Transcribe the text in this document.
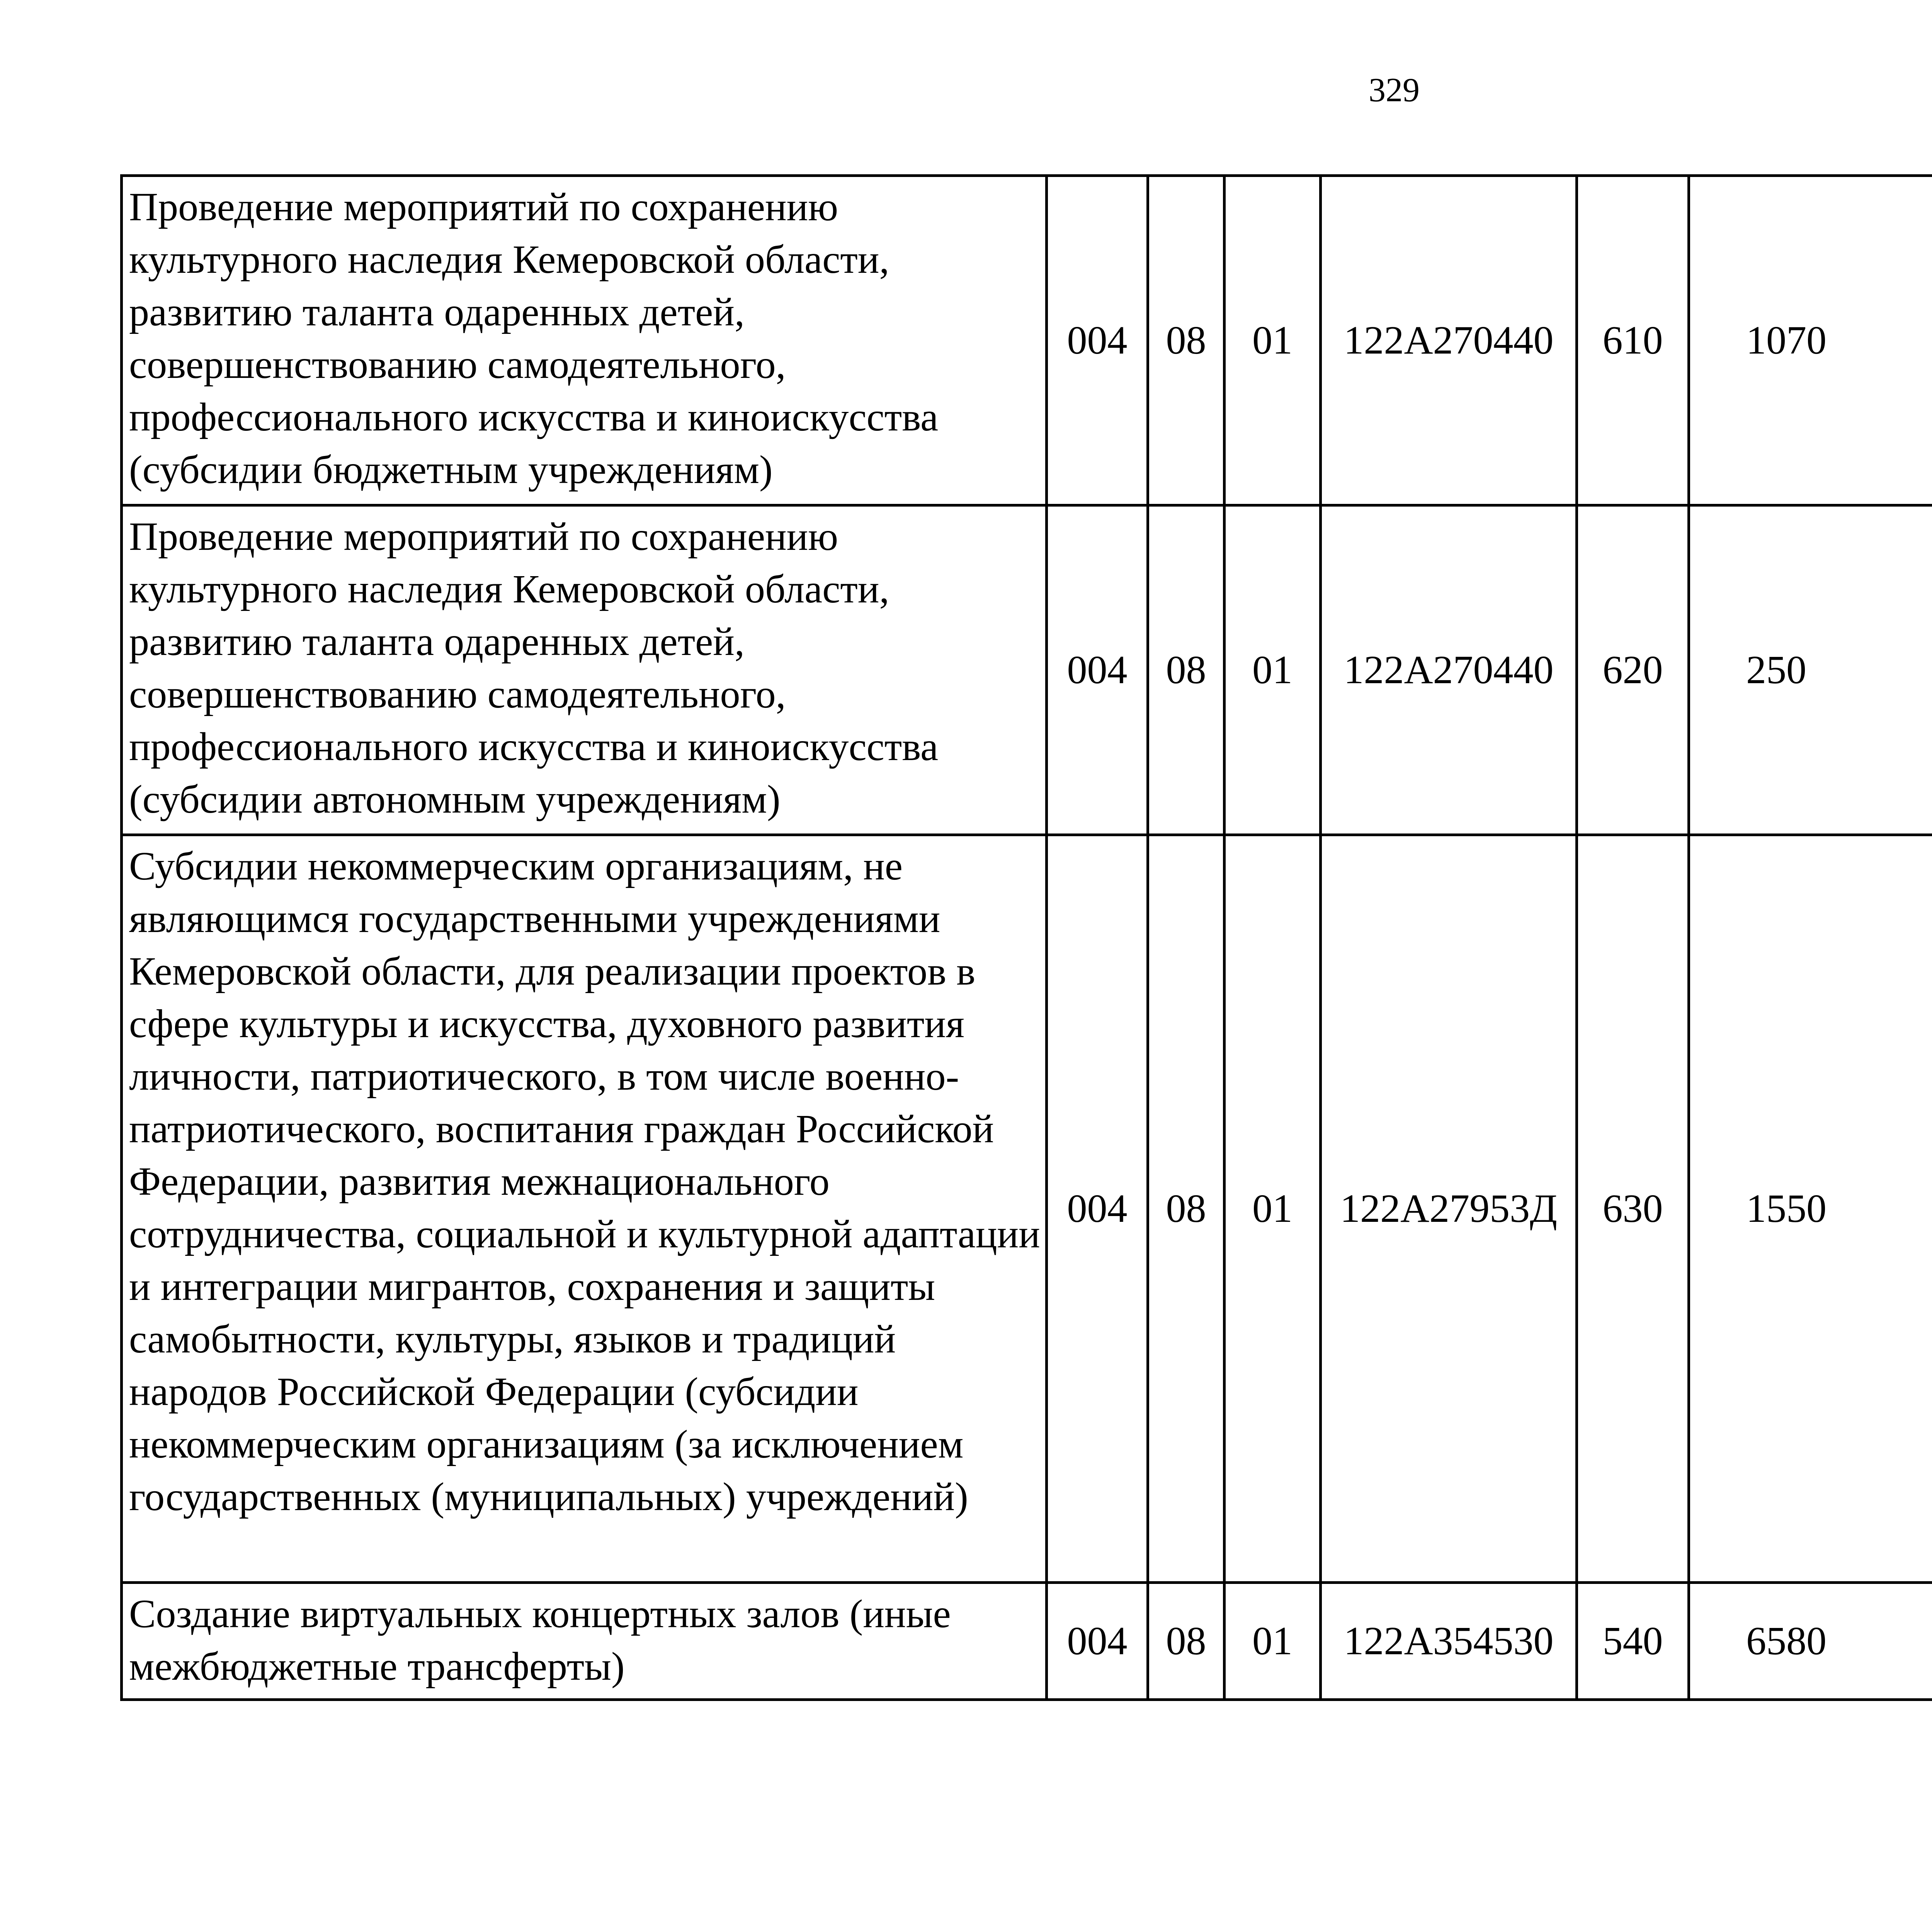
329
Проведение мероприятий по сохранению культурного наследия Кемеровской области, развитию таланта одаренных детей, совершенствованию самодеятельного, профессионального искусства и киноискусства (субсидии бюджетным учреждениям)	004	08	01	122A270440	610	1070		
Проведение мероприятий по сохранению культурного наследия Кемеровской области, развитию таланта одаренных детей, совершенствованию самодеятельного, профессионального искусства и киноискусства (субсидии автономным учреждениям)	004	08	01	122A270440	620	250		
Субсидии некоммерческим организациям, не являющимся государственными учреждениями Кемеровской области, для реализации проектов в сфере культуры и искусства, духовного развития личности, патриотического, в том числе военно-патриотического, воспитания граждан Российской Федерации, развития межнационального сотрудничества, социальной и культурной адаптации и интеграции мигрантов, сохранения и защиты самобытности, культуры, языков и традиций народов Российской Федерации (субсидии некоммерческим организациям (за исключением государственных (муниципальных) учреждений)	004	08	01	122A27953Д	630	1550		
Создание виртуальных концертных залов (иные межбюджетные трансферты)	004	08	01	122A354530	540	6580		
